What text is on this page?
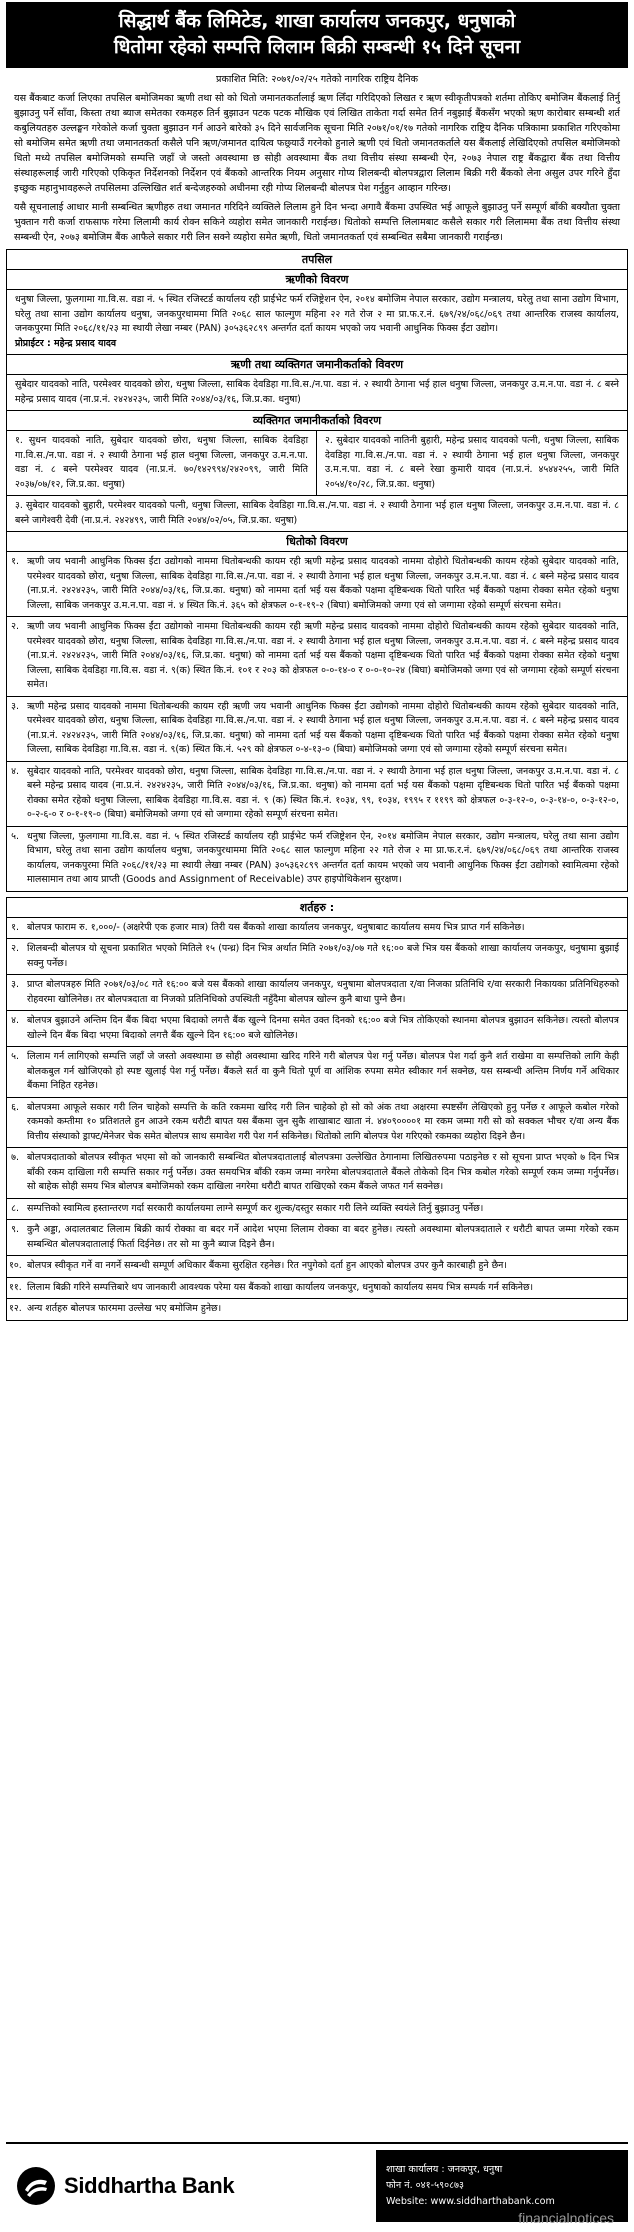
सिद्धार्थ बैंक लिमिटेड, शाखा कार्यालय जनकपुर, धनुषाको
धितोमा रहेको सम्पत्ति लिलाम बिक्री सम्बन्धी १५ दिने सूचना

प्रकाशित मिति: २०७१/०२/२५ गतेको नागरिक राष्ट्रिय दैनिक

यस बैंकबाट कर्जा लिएका तपसिल बमोजिमका ऋणी तथा सो को धितो जमानतकर्तालाई ऋण लिँदा गरिदिएको लिखत र ऋण स्वीकृतीपत्रको शर्तमा तोकिए बमोजिम बैंकलाई तिर्नु बुझाउनु पर्ने साँवा, किस्ता तथा ब्याज समेतका रकमहरु तिर्न बुझाउन पटक पटक मौखिक एवं लिखित ताकेता गर्दा समेत तिर्न नबुझाई बैंकसँग भएको ऋण कारोबार सम्बन्धी शर्त कबुलियतहरु उल्लङ्घन गरेकोले कर्जा चुक्ता बुझाउन गर्न आउने बारेको ३५ दिने सार्वजनिक सूचना मिति २०७१/०१/१७ गतेको नागरिक राष्ट्रिय दैनिक पत्रिकामा प्रकाशित गरिएकोमा सो बमोजिम समेत ऋणी तथा जमानतकर्ता कसैले पनि ऋण/जमानत दायित्व फछ्र्याउँ गरनेको हुनाले ऋणी एवं धितो जमानतकर्ताले यस बैंकलाई लेखिदिएको तपसिल बमोजिमको धितो मध्ये तपसिल बमोजिमको सम्पत्ति जहाँ जे जस्तो अवस्थामा छ सोही अवस्थामा बैंक तथा वित्तीय संस्था सम्बन्धी ऐन, २०७३ नेपाल राष्ट्र बैंकद्वारा बैंक तथा वित्तीय संस्थाहरूलाई जारी गरिएको एकिकृत निर्देशनको निर्देशन एवं बैंकको आन्तरिक नियम अनुसार गोप्य शिलबन्दी बोलपत्रद्वारा लिलाम बिक्री गरी बैंकको लेना असुल उपर गरिने हुँदा इच्छुक महानुभावहरूले तपसिलमा उल्लिखित शर्त बन्देजहरुको अधीनमा रही गोप्य शिलबन्दी बोलपत्र पेश गर्नुहुन आव्हान गरिन्छ।

यसै सूचनालाई आधार मानी सम्बन्धित ऋणीहरु तथा जमानत गरिदिने व्यक्तिले लिलाम हुने दिन भन्दा अगावै बैंकमा उपस्थित भई आफूले बुझाउनु पर्ने सम्पूर्ण बाँकी बक्यौता चुक्ता भुक्तान गरी कर्जा राफसाफ गरेमा लिलामी कार्य रोक्न सकिने व्यहोरा समेत जानकारी गराईन्छ। धितोको सम्पत्ति लिलामबाट कसैले सकार गरी लिलाममा बैंक तथा वित्तीय संस्था सम्बन्धी ऐन, २०७३ बमोजिम बैंक आफैले सकार गरी लिन सक्ने व्यहोरा समेत ऋणी, धितो जमानतकर्ता एवं सम्बन्धित सबैमा जानकारी गराईन्छ।

तपसिल
ऋणीको विवरण

धनुषा जिल्ला, फुलगामा गा.वि.स. वडा नं. ५ स्थित रजिस्टर्ड कार्यालय रही प्राईभेट फर्म रजिष्ट्रेशन ऐन, २०१४ बमोजिम नेपाल सरकार, उद्योग मन्त्रालय, घरेलु तथा साना उद्योग विभाग, घरेलु तथा साना उद्योग कार्यालय धनुषा, जनकपुरधाममा मिति २०६८ साल फाल्गुण महिना २२ गते रोज २ मा प्रा.फ.र.नं. ६७९/२४/०६८/०६९ तथा आन्तरिक राजस्व कार्यालय, जनकपुरमा मिति २०६८/११/२३ मा स्थायी लेखा नम्बर (PAN) ३०५३६२८९९ अन्तर्गत दर्ता कायम भएको जय भवानी आधुनिक फिक्स ईंटा उद्योग।

प्रोप्राईटर : महेन्द्र प्रसाद यादव

ऋणी तथा व्यक्तिगत जमानीकर्ताको विवरण
सुबेदार यादवको नाति, परमेश्वर यादवको छोरा, धनुषा जिल्ला, साबिक देवडिहा गा.वि.स./न.पा. वडा नं. २ स्थायी ठेगाना भई हाल धनुषा जिल्ला, जनकपुर उ.म.न.पा. वडा नं. ८ बस्ने महेन्द्र प्रसाद यादव (ना.प्र.नं. २४२४२३५, जारी मिति २०४४/०३/१६, जि.प्र.का. धनुषा)
व्यक्तिगत जमानीकर्ताको विवरण
१. सुधन यादवको नाति, सुबेदार यादवको छोरा, धनुषा जिल्ला, साबिक देवडिहा गा.वि.स./न.पा. वडा नं. २ स्थायी ठेगाना भई हाल धनुषा जिल्ला, जनकपुर उ.म.न.पा. वडा नं. ८ बस्ने परमेश्वर यादव (ना.प्र.नं. ७०/१४२९९४/२४२०९९, जारी मिति २०३७/०७/१२, जि.प्र.का. धनुषा)
२. सुबेदार यादवको नातिनी बुहारी, महेन्द्र प्रसाद यादवको पत्नी, धनुषा जिल्ला, साबिक देवडिहा गा.वि.स./न.पा. वडा नं. २ स्थायी ठेगाना भई हाल धनुषा जिल्ला, जनकपुर उ.म.न.पा. वडा नं. ८ बस्ने रेखा कुमारी यादव (ना.प्र.नं. ४५४४२५५, जारी मिति २०५४/१०/२८, जि.प्र.का. धनुषा)
३. सुबेदार यादवको बुहारी, परमेश्वर यादवको पत्नी, धनुषा जिल्ला, साबिक देवडिहा गा.वि.स./न.पा. वडा नं. २ स्थायी ठेगाना भई हाल धनुषा जिल्ला, जनकपुर उ.म.न.पा. वडा नं. ८ बस्ने जागेश्वरी देवी (ना.प्र.नं. २४२४९९, जारी मिति २०४४/०२/०५, जि.प्र.का. धनुषा)
धितोको विवरण
१. ऋणी जय भवानी आधुनिक फिक्स ईंटा उद्योगको नाममा धितोबन्धकी कायम रही ऋणी महेन्द्र प्रसाद यादवको नाममा दोहोरो धितोबन्धकी कायम रहेको सुबेदार यादवको नाति, परमेश्वर यादवको छोरा, धनुषा जिल्ला, साबिक देवडिहा गा.वि.स./न.पा. वडा नं. २ स्थायी ठेगाना भई हाल धनुषा जिल्ला, जनकपुर उ.म.न.पा. वडा नं. ८ बस्ने महेन्द्र प्रसाद यादव (ना.प्र.नं. २४२४२३५, जारी मिति २०४४/०३/१६, जि.प्र.का. धनुषा) को नाममा दर्ता भई यस बैंकको पक्षमा दृष्टिबन्धक धितो पारित भई बैंकको पक्षमा रोक्का समेत रहेको धनुषा जिल्ला, साबिक जनकपुर उ.म.न.पा. वडा नं. ४ स्थित कि.नं. ३६५ को क्षेत्रफल ०-१-१९-२ (बिघा) बमोजिमको जग्गा एवं सो जग्गामा रहेको सम्पूर्ण संरचना समेत।
२. ऋणी जय भवानी आधुनिक फिक्स ईंटा उद्योगको नाममा धितोबन्धकी कायम रही ऋणी महेन्द्र प्रसाद यादवको नाममा दोहोरो धितोबन्धकी कायम रहेको सुबेदार यादवको नाति, परमेश्वर यादवको छोरा, धनुषा जिल्ला, साबिक देवडिहा गा.वि.स./न.पा. वडा नं. २ स्थायी ठेगाना भई हाल धनुषा जिल्ला, जनकपुर उ.म.न.पा. वडा नं. ८ बस्ने महेन्द्र प्रसाद यादव (ना.प्र.नं. २४२४२३५, जारी मिति २०४४/०३/१६, जि.प्र.का. धनुषा) को नाममा दर्ता भई यस बैंकको पक्षमा दृष्टिबन्धक धितो पारित भई बैंकको पक्षमा रोक्का समेत रहेको धनुषा जिल्ला, साबिक देवडिहा गा.वि.स. वडा नं. ९(क) स्थित कि.नं. १०१ र २०३ को क्षेत्रफल ०-०-१४-० र ०-०-१०-२४ (बिघा) बमोजिमको जग्गा एवं सो जग्गामा रहेको सम्पूर्ण संरचना समेत।
३. ऋणी महेन्द्र प्रसाद यादवको नाममा धितोबन्धकी कायम रही ऋणी जय भवानी आधुनिक फिक्स ईंटा उद्योगको नाममा दोहोरो धितोबन्धकी कायम रहेको सुबेदार यादवको नाति, परमेश्वर यादवको छोरा, धनुषा जिल्ला, साबिक देवडिहा गा.वि.स./न.पा. वडा नं. २ स्थायी ठेगाना भई हाल धनुषा जिल्ला, जनकपुर उ.म.न.पा. वडा नं. ८ बस्ने महेन्द्र प्रसाद यादव (ना.प्र.नं. २४२४२३५, जारी मिति २०४४/०३/१६, जि.प्र.का. धनुषा) को नाममा दर्ता भई यस बैंकको पक्षमा दृष्टिबन्धक धितो पारित भई बैंकको पक्षमा रोक्का समेत रहेको धनुषा जिल्ला, साबिक देवडिहा गा.वि.स. वडा नं. ९(क) स्थित कि.नं. ५२९ को क्षेत्रफल ०-४-१३-० (बिघा) बमोजिमको जग्गा एवं सो जग्गामा रहेको सम्पूर्ण संरचना समेत।
४. सुबेदार यादवको नाति, परमेश्वर यादवको छोरा, धनुषा जिल्ला, साबिक देवडिहा गा.वि.स./न.पा. वडा नं. २ स्थायी ठेगाना भई हाल धनुषा जिल्ला, जनकपुर उ.म.न.पा. वडा नं. ८ बस्ने महेन्द्र प्रसाद यादव (ना.प्र.नं. २४२४२३५, जारी मिति २०४४/०३/१६, जि.प्र.का. धनुषा) को नाममा दर्ता भई यस बैंकको पक्षमा दृष्टिबन्धक धितो पारित भई बैंकको पक्षमा रोक्का समेत रहेको धनुषा जिल्ला, साबिक देवडिहा गा.वि.स. वडा नं. ९ (क) स्थित कि.नं. १०३४, ९९, १०३४, १९९५ र ११९९ को क्षेत्रफल ०-३-१२-०, ०-३-१४-०, ०-३-१२-०, ०-२-६-० र ०-१-१९-० (बिघा) बमोजिमको जग्गा एवं सो जग्गामा रहेको सम्पूर्ण संरचना समेत।
५. धनुषा जिल्ला, फुलगामा गा.वि.स. वडा नं. ५ स्थित रजिस्टर्ड कार्यालय रही प्राईभेट फर्म रजिष्ट्रेशन ऐन, २०१४ बमोजिम नेपाल सरकार, उद्योग मन्त्रालय, घरेलु तथा साना उद्योग विभाग, घरेलु तथा साना उद्योग कार्यालय धनुषा, जनकपुरधाममा मिति २०६८ साल फाल्गुण महिना २२ गते रोज २ मा प्रा.फ.र.नं. ६७९/२४/०६८/०६९ तथा आन्तरिक राजस्व कार्यालय, जनकपुरमा मिति २०६८/११/२३ मा स्थायी लेखा नम्बर (PAN) ३०५३६२८९९ अन्तर्गत दर्ता कायम भएको जय भवानी आधुनिक फिक्स ईंटा उद्योगको स्वामित्वमा रहेको मालसामान तथा आय प्राप्ती (Goods and Assignment of Receivable) उपर हाइपोथिकेशन सुरक्षण।
शर्तहरु :
१. बोलपत्र फाराम रु. १,०००/- (अक्षरेपी एक हजार मात्र) तिरी यस बैंकको शाखा कार्यालय जनकपुर, धनुषाबाट कार्यालय समय भित्र प्राप्त गर्न सकिनेछ।
२. शिलबन्दी बोलपत्र यो सूचना प्रकाशित भएको मितिले १५ (पन्ध्र) दिन भित्र अर्थात मिति २०७१/०३/०७ गते १६:०० बजे भित्र यस बैंकको शाखा कार्यालय जनकपुर, धनुषामा बुझाई सक्नु पर्नेछ।
३. प्राप्त बोलपत्रहरु मिति २०७१/०३/०८ गते १६:०० बजे यस बैंकको शाखा कार्यालय जनकपुर, धनुषामा बोलपत्रदाता र/वा निजका प्रतिनिधि र/वा सरकारी निकायका प्रतिनिधिहरुको रोहवरमा खोलिनेछ। तर बोलपत्रदाता वा निजको प्रतिनिधिको उपस्थिती नहुँदैमा बोलपत्र खोल्न कुनै बाधा पुग्ने छैन।
४. बोलपत्र बुझाउने अन्तिम दिन बैंक बिदा भएमा बिदाको लगत्तै बैंक खुल्ने दिनमा समेत उक्त दिनको १६:०० बजे भित्र तोकिएको स्थानमा बोलपत्र बुझाउन सकिनेछ। त्यस्तो बोलपत्र खोल्ने दिन बैंक बिदा भएमा बिदाको लगत्तै बैंक खुल्ने दिन १६:०० बजे खोलिनेछ।
५. लिलाम गर्न लागिएको सम्पत्ति जहाँ जे जस्तो अवस्थामा छ सोही अवस्थामा खरिद गरिने गरी बोलपत्र पेश गर्नु पर्नेछ। बोलपत्र पेश गर्दा कुनै शर्त राखेमा वा सम्पत्तिको लागि केही बोलकबुल गर्न खोजिएको हो स्पष्ट खुलाई पेश गर्नु पर्नेछ। बैंकले सर्त वा कुनै धितो पूर्ण वा आंशिक रुपमा समेत स्वीकार गर्न सक्नेछ, यस सम्बन्धी अन्तिम निर्णय गर्ने अधिकार बैंकमा निहित रहनेछ।
६. बोलपत्रमा आफूले सकार गरी लिन चाहेको सम्पत्ति के कति रकममा खरिद गरी लिन चाहेको हो सो को अंक तथा अक्षरमा स्पष्टसँग लेखिएको हुनु पर्नेछ र आफूले कबोल गरेको रकमको कम्तीमा १० प्रतिशतले हुन आउने रकम धरौटी बापत यस बैंकमा जुन सुकै शाखाबाट खाता नं. ४४०९००००१ मा रकम जम्मा गरी सो को सक्कल भौचर र/वा अन्य बैंक वित्तीय संस्थाको ड्राफ्ट/मेनेजर चेक समेत बोलपत्र साथ समावेश गरी पेश गर्न सकिनेछ। धितोको लागि बोलपत्र पेश गरिएको रकमका व्यहोरा दिइने छैन।
७. बोलपत्रदाताको बोलपत्र स्वीकृत भएमा सो को जानकारी सम्बन्धित बोलपत्रदातालाई बोलपत्रमा उल्लेखित ठेगानामा लिखितरुपमा पठाइनेछ र सो सूचना प्राप्त भएको ७ दिन भित्र बाँकी रकम दाखिला गरी सम्पत्ति सकार गर्नु पर्नेछ। उक्त समयभित्र बाँकी रकम जम्मा नगरेमा बोलपत्रदाताले बैंकले तोकेको दिन भित्र कबोल गरेको सम्पूर्ण रकम जम्मा गर्नुपर्नेछ। सो बाहेक सोही समय भित्र बोलपत्र बमोजिमको रकम दाखिला नगरेमा धरौटी बापत राखिएको रकम बैंकले जफत गर्न सक्नेछ।
८. सम्पत्तिको स्वामित्व हस्तान्तरण गर्दा सरकारी कार्यालयमा लाग्ने सम्पूर्ण कर शुल्क/दस्तुर सकार गरी लिने व्यक्ति स्वयंले तिर्नु बुझाउनु पर्नेछ।
९. कुनै अड्डा, अदालतबाट लिलाम बिक्री कार्य रोक्का वा बदर गर्ने आदेश भएमा लिलाम रोक्का वा बदर हुनेछ। त्यस्तो अवस्थामा बोलपत्रदाताले र धरौटी बापत जम्मा गरेको रकम सम्बन्धित बोलपत्रदातालाई फिर्ता दिईनेछ। तर सो मा कुनै ब्याज दिइने छैन।
१०. बोलपत्र स्वीकृत गर्ने वा नगर्ने सम्बन्धी सम्पूर्ण अधिकार बैंकमा सुरक्षित रहनेछ। रित नपुगेको दर्ता हुन आएको बोलपत्र उपर कुनै कारबाही हुने छैन।
११. लिलाम बिक्री गरिने सम्पत्तिबारे थप जानकारी आवश्यक परेमा यस बैंकको शाखा कार्यालय जनकपुर, धनुषाको कार्यालय समय भित्र सम्पर्क गर्न सकिनेछ।
१२. अन्य शर्तहरु बोलपत्र फारममा उल्लेख भए बमोजिम हुनेछ।
Siddhartha Bank
शाखा कार्यालय : जनकपुर, धनुषा
फोन नं. ०४१-५९०८७३
Website: www.siddharthabank.com
financialnotices
